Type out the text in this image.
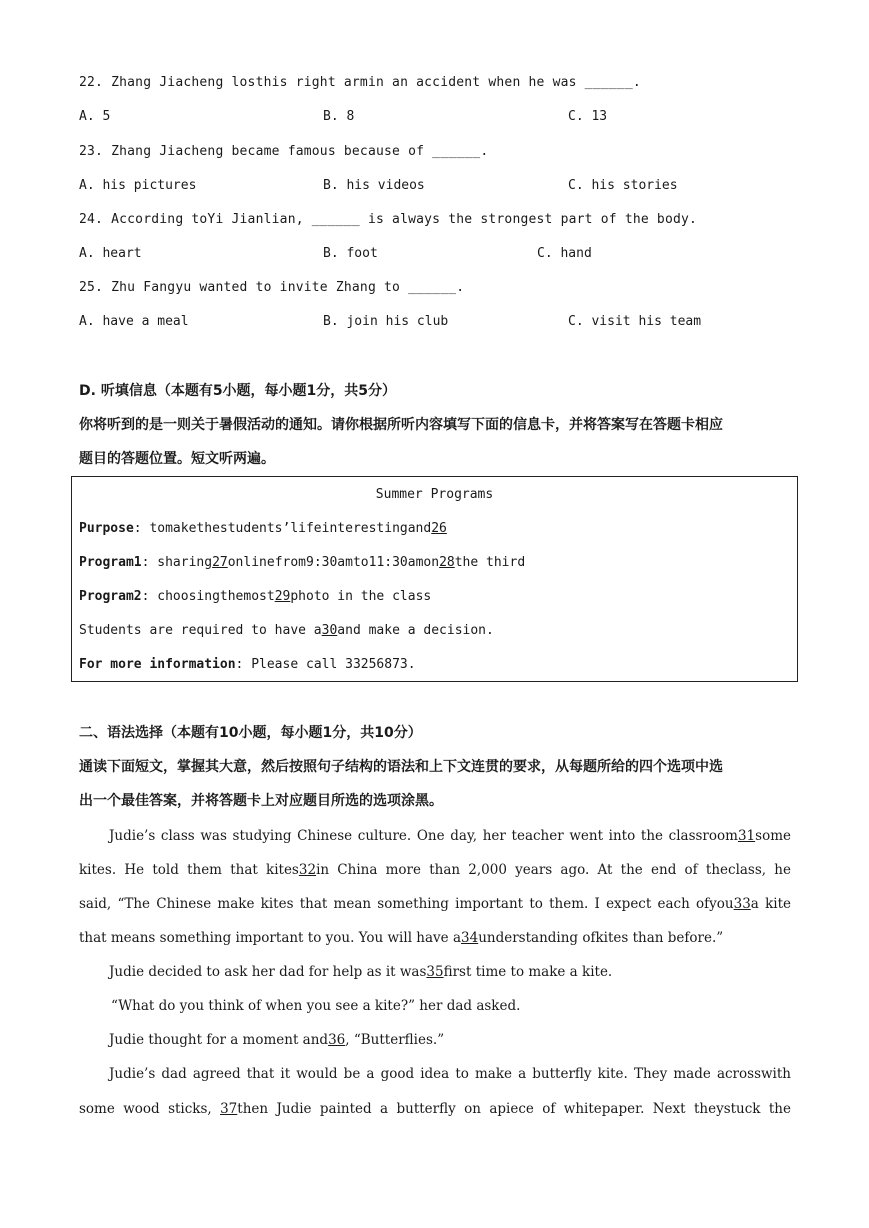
22. Zhang Jiacheng losthis right armin an accident when he was ______.
A. 5	B. 8	C. 13
23. Zhang Jiacheng became famous because of ______.
A. his pictures	B. his videos	C. his stories
24. According toYi Jianlian, ______ is always the strongest part of the body.
A. heart	B. foot	C. hand
25. Zhu Fangyu wanted to invite Zhang to ______.
A. have a meal	B. join his club	C. visit his team
D. 听填信息（本题有5小题，每小题1分，共5分）
你将听到的是一则关于暑假活动的通知。请你根据所听内容填写下面的信息卡，并将答案写在答题卡相应
题目的答题位置。短文听两遍。
Summer Programs
Purpose: tomakethestudents’lifeinterestingand26
Program1: sharing27onlinefrom9:30amto11:30amon28the third
Program2: choosingthemost29photo in the class
Students are required to have a30and make a decision.
For more information: Please call 33256873.
二、语法选择（本题有10小题，每小题1分，共10分）
通读下面短文，掌握其大意，然后按照句子结构的语法和上下文连贯的要求，从每题所给的四个选项中选
出一个最佳答案，并将答题卡上对应题目所选的选项涂黑。
Judie’s class was studying Chinese culture. One day, her teacher went into the classroom31some
kites. He told them that kites32in China more than 2,000 years ago. At the end of theclass, he
said, “The Chinese make kites that mean something important to them. I expect each ofyou33a kite
that means something important to you. You will have a34understanding ofkites than before.”
Judie decided to ask her dad for help as it was35first time to make a kite.
“What do you think of when you see a kite?” her dad asked.
Judie thought for a moment and36, “Butterflies.”
Judie’s dad agreed that it would be a good idea to make a butterfly kite. They made acrosswith
some wood sticks, 37then Judie painted a butterfly on apiece of whitepaper. Next theystuck the
